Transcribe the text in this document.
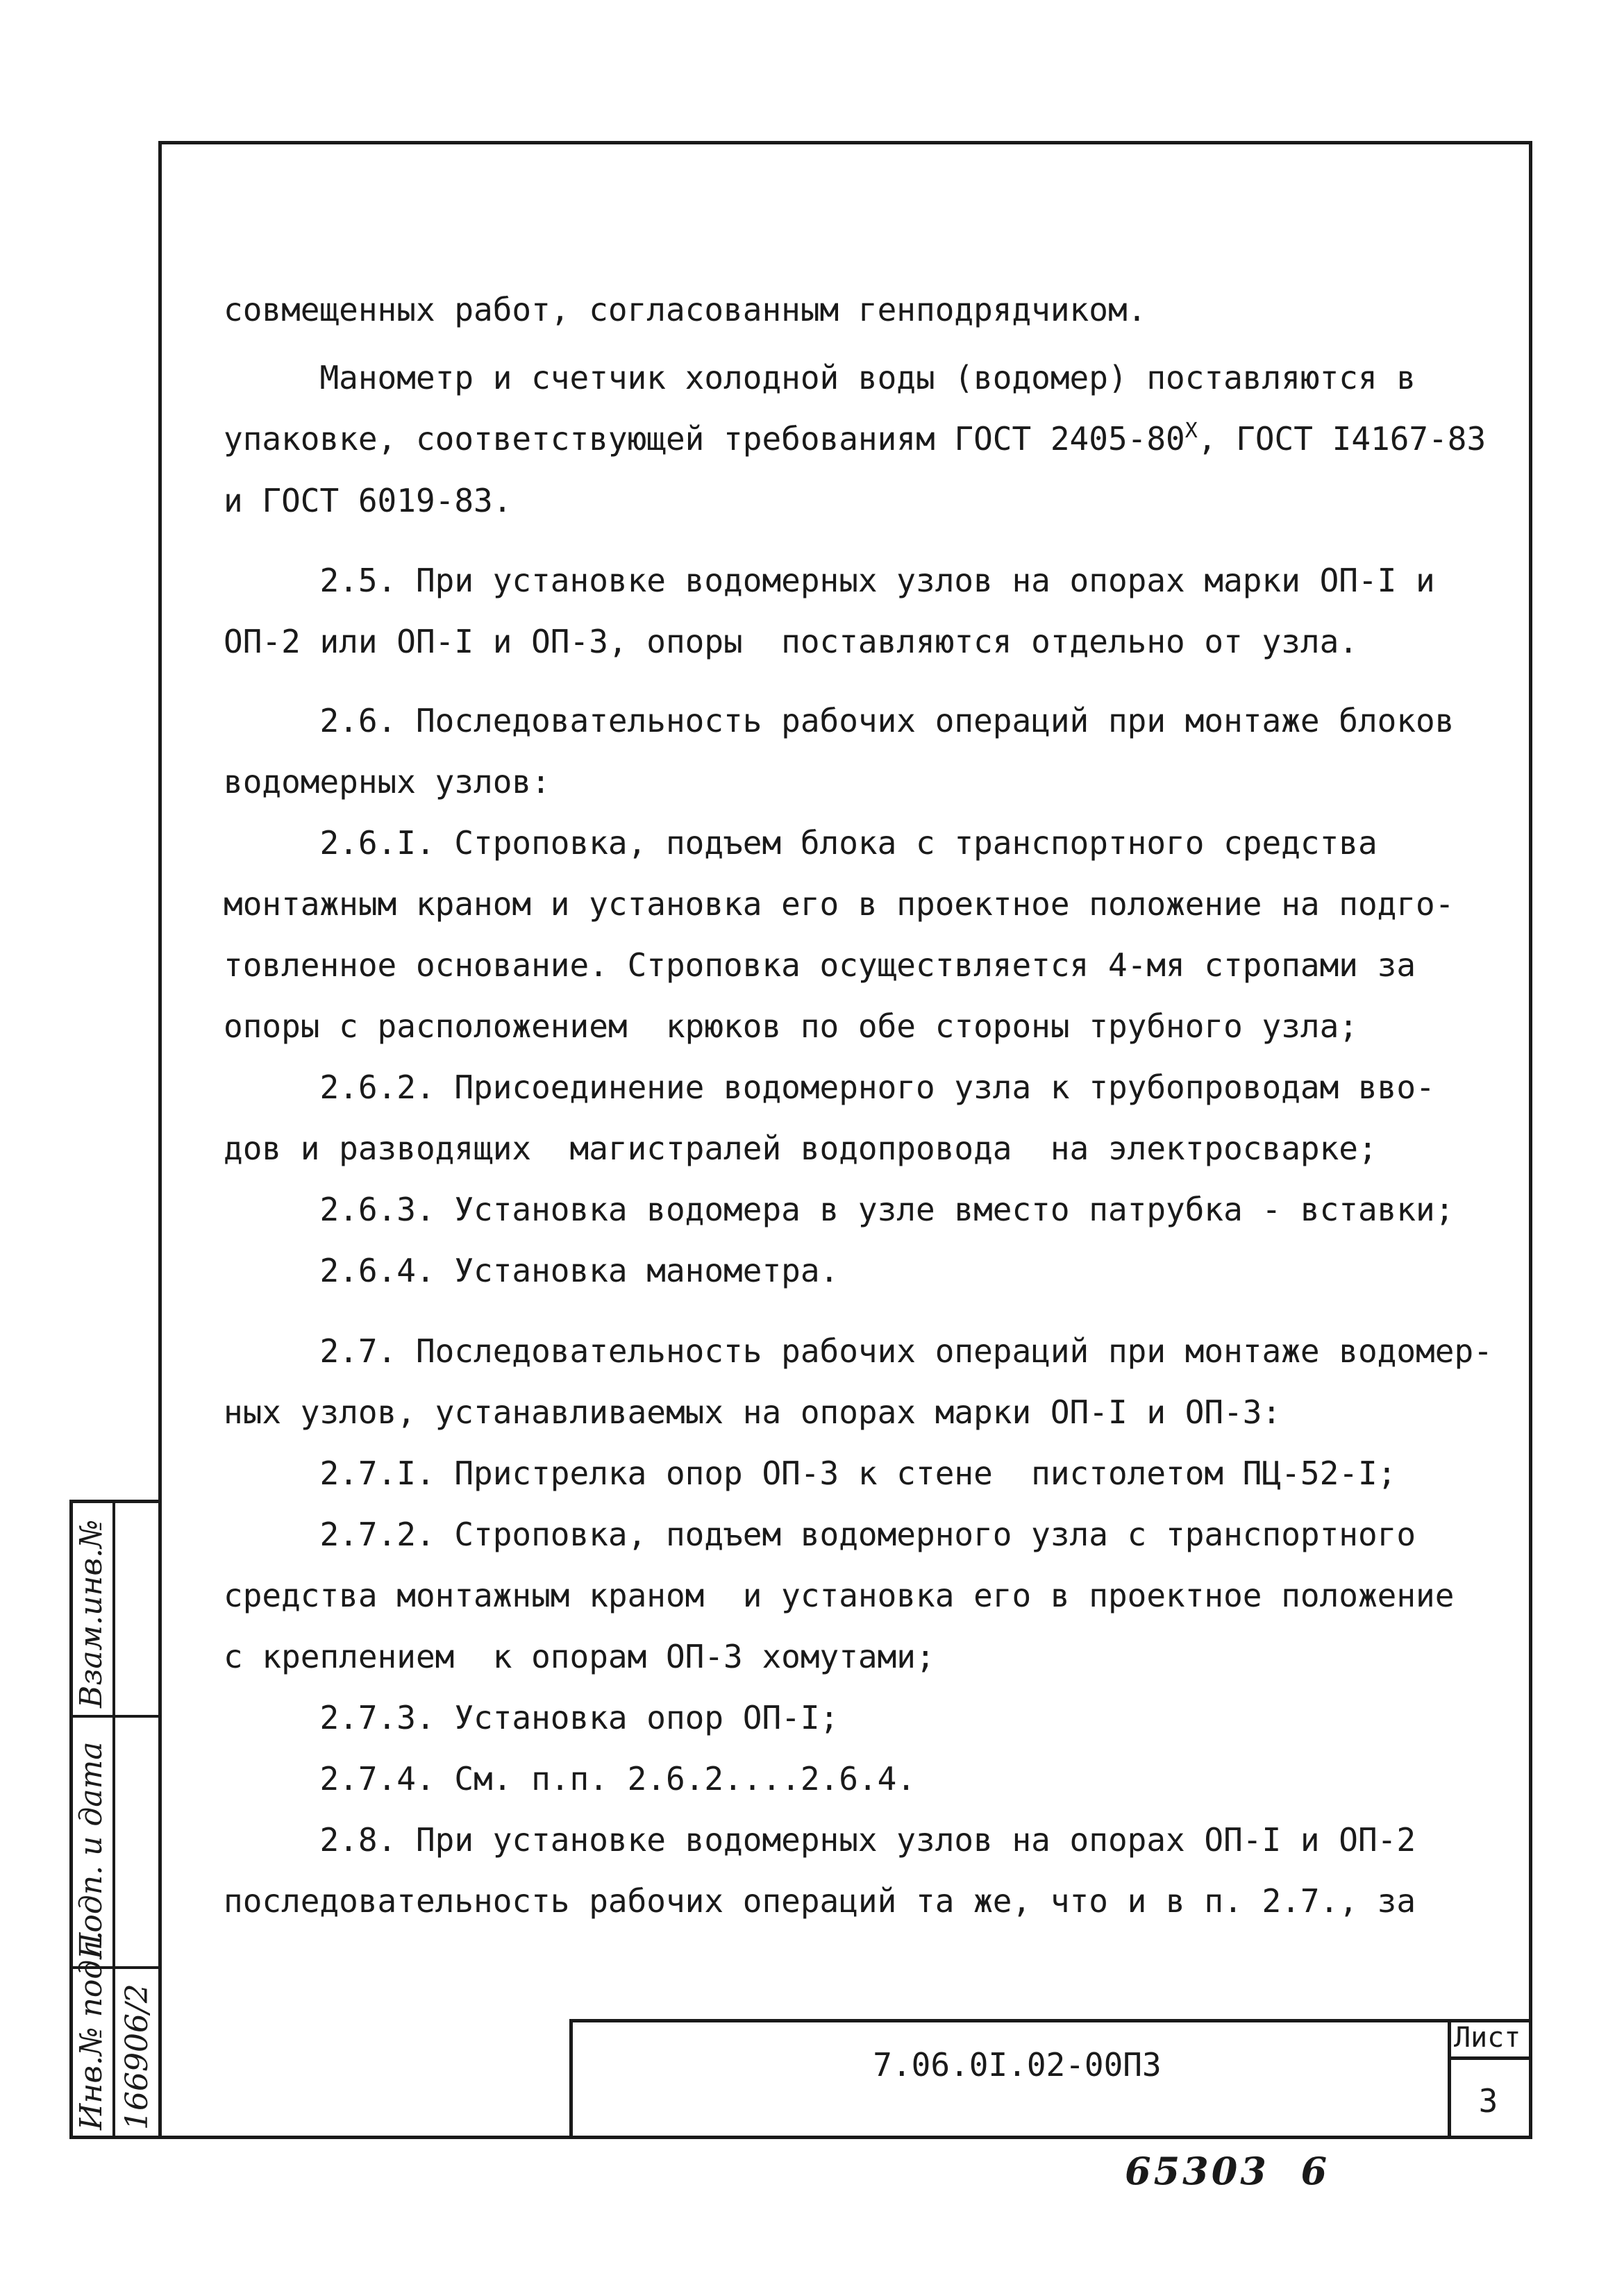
совмещенных работ, согласованным генподрядчиком.
Манометр и счетчик холодной воды (водомер) поставляются в
упаковке, соответствующей требованиям ГОСТ $2405-80^X$, ГОСТ I4167-83
и ГОСТ 6019-83.
2.5. При установке водомерных узлов на опорах марки ОП-I и
ОП-2 или ОП-I и ОП-3, опоры  поставляются отдельно от узла.
2.6. Последовательность рабочих операций при монтаже блоков
водомерных узлов:
2.6.I. Строповка, подъем блока с транспортного средства
монтажным краном и установка его в проектное положение на подго-
товленное основание. Строповка осуществляется 4-мя стропами за
опоры с расположением  крюков по обе стороны трубного узла;
2.6.2. Присоединение водомерного узла к трубопроводам вво-
дов и разводящих  магистралей водопровода  на электросварке;
2.6.3. Установка водомера в узле вместо патрубка - вставки;
2.6.4. Установка манометра.
2.7. Последовательность рабочих операций при монтаже водомер-
ных узлов, устанавливаемых на опорах марки ОП-I и ОП-3:
2.7.I. Пристрелка опор ОП-3 к стене  пистолетом ПЦ-52-I;
2.7.2. Строповка, подъем водомерного узла с транспортного
средства монтажным краном  и установка его в проектное положение
с креплением  к опорам ОП-3 хомутами;
2.7.3. Установка опор ОП-I;
2.7.4. См. п.п. 2.6.2....2.6.4.
2.8. При установке водомерных узлов на опорах ОП-I и ОП-2
последовательность рабочих операций та же, что и в п. 2.7., за
7.06.0I.02-00ПЗ
Лист
3
Инв.№ подл.
Подп. и дата
Взам.инв.№
166906/2
65303  6
